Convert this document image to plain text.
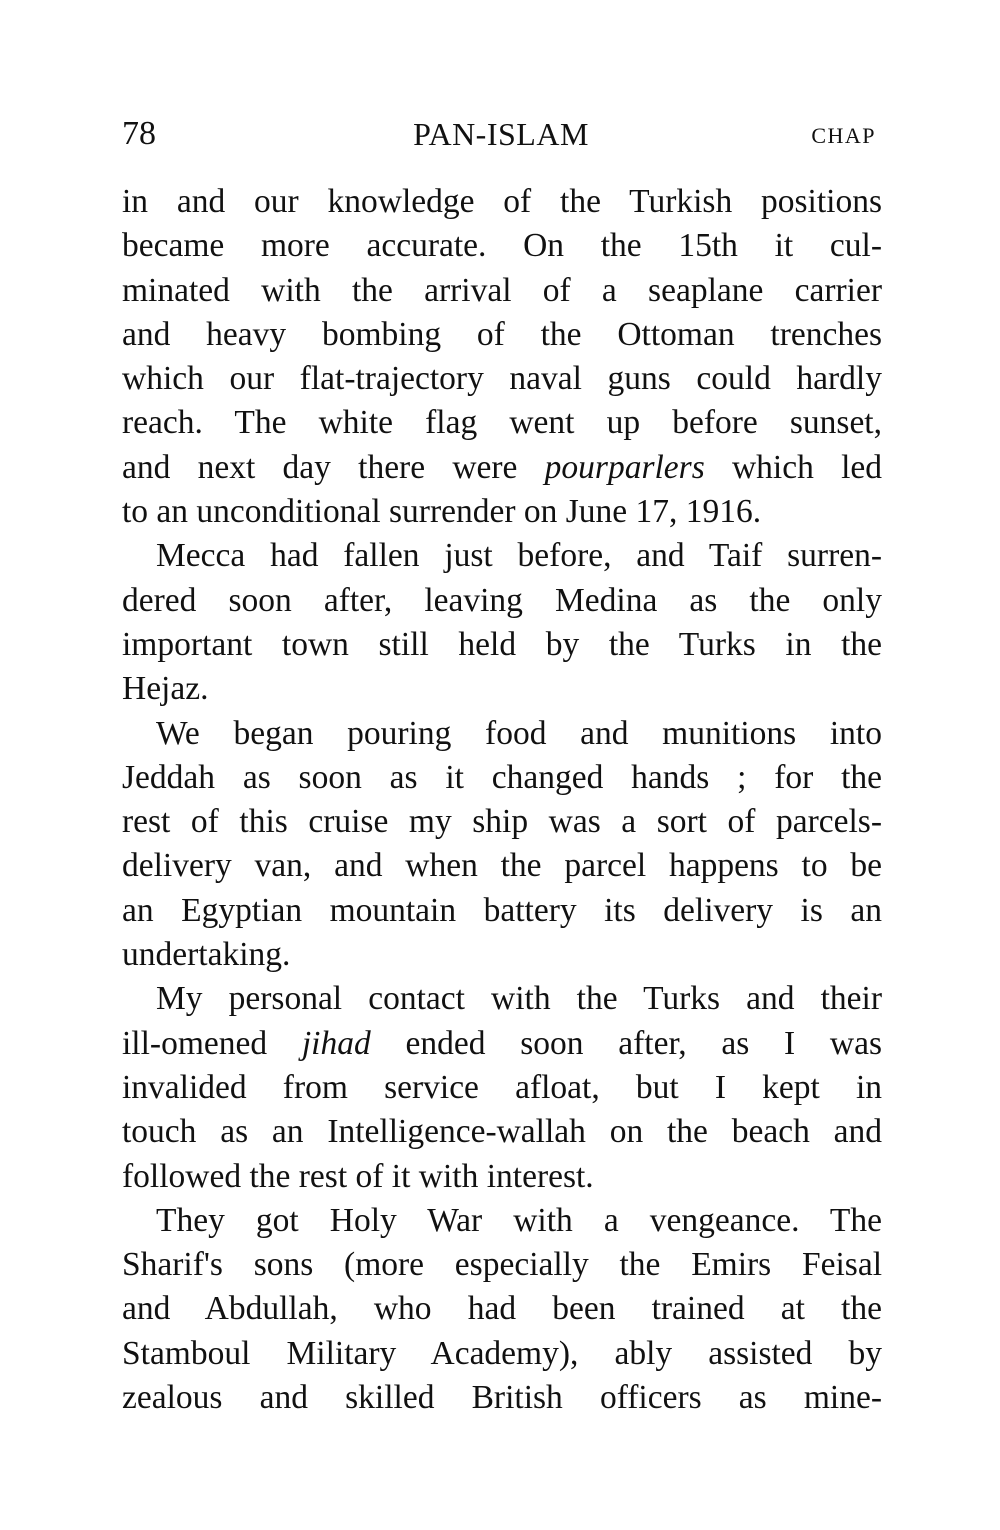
78	PAN-ISLAM	CHAP
in and our knowledge of the Turkish positions
became more accurate. On the 15th it cul-
minated with the arrival of a seaplane carrier
and heavy bombing of the Ottoman trenches
which our flat-trajectory naval guns could hardly
reach. The white flag went up before sunset,
and next day there were pourparlers which led
to an unconditional surrender on June 17, 1916.
Mecca had fallen just before, and Taif surren-
dered soon after, leaving Medina as the only
important town still held by the Turks in the
Hejaz.
We began pouring food and munitions into
Jeddah as soon as it changed hands ; for the
rest of this cruise my ship was a sort of parcels-
delivery van, and when the parcel happens to be
an Egyptian mountain battery its delivery is an
undertaking.
My personal contact with the Turks and their
ill-omened jihad ended soon after, as I was
invalided from service afloat, but I kept in
touch as an Intelligence-wallah on the beach and
followed the rest of it with interest.
They got Holy War with a vengeance. The
Sharif's sons (more especially the Emirs Feisal
and Abdullah, who had been trained at the
Stamboul Military Academy), ably assisted by
zealous and skilled British officers as mine-
